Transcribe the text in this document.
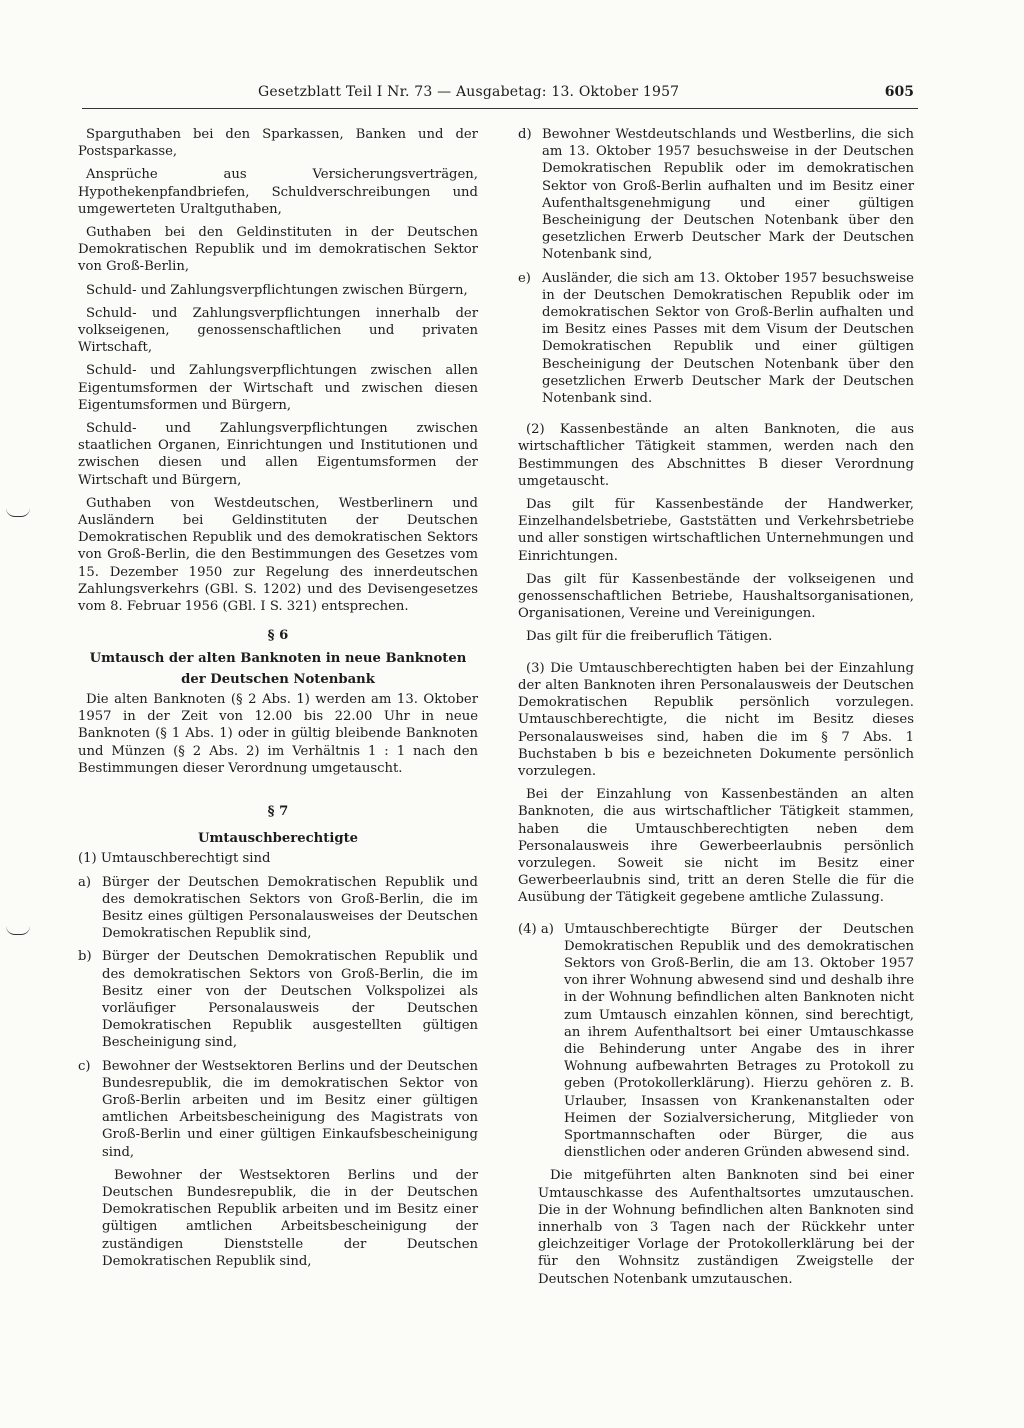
Gesetzblatt Teil I Nr. 73 — Ausgabetag: 13. Oktober 1957	605

Sparguthaben bei den Sparkassen, Banken und der Postsparkasse,

Ansprüche aus Versicherungsverträgen, Hypothekenpfandbriefen, Schuldverschreibungen und umgewerteten Uraltguthaben,

Guthaben bei den Geldinstituten in der Deutschen Demokratischen Republik und im demokratischen Sektor von Groß-Berlin,

Schuld- und Zahlungsverpflichtungen zwischen Bürgern,

Schuld- und Zahlungsverpflichtungen innerhalb der volkseigenen, genossenschaftlichen und privaten Wirtschaft,

Schuld- und Zahlungsverpflichtungen zwischen allen Eigentumsformen der Wirtschaft und zwischen diesen Eigentumsformen und Bürgern,

Schuld- und Zahlungsverpflichtungen zwischen staatlichen Organen, Einrichtungen und Institutionen und zwischen diesen und allen Eigentumsformen der Wirtschaft und Bürgern,

Guthaben von Westdeutschen, Westberlinern und Ausländern bei Geldinstituten der Deutschen Demokratischen Republik und des demokratischen Sektors von Groß-Berlin, die den Bestimmungen des Gesetzes vom 15. Dezember 1950 zur Regelung des innerdeutschen Zahlungsverkehrs (GBl. S. 1202) und des Devisengesetzes vom 8. Februar 1956 (GBl. I S. 321) entsprechen.

§ 6

Umtausch der alten Banknoten in neue Banknoten

der Deutschen Notenbank

Die alten Banknoten (§ 2 Abs. 1) werden am 13. Oktober 1957 in der Zeit von 12.00 bis 22.00 Uhr in neue Banknoten (§ 1 Abs. 1) oder in gültig bleibende Banknoten und Münzen (§ 2 Abs. 2) im Verhältnis 1 : 1 nach den Bestimmungen dieser Verordnung umgetauscht.

§ 7

Umtauschberechtigte

(1) Umtauschberechtigt sind

a) Bürger der Deutschen Demokratischen Republik und des demokratischen Sektors von Groß-Berlin, die im Besitz eines gültigen Personalausweises der Deutschen Demokratischen Republik sind,
b) Bürger der Deutschen Demokratischen Republik und des demokratischen Sektors von Groß-Berlin, die im Besitz einer von der Deutschen Volkspolizei als vorläufiger Personalausweis der Deutschen Demokratischen Republik ausgestellten gültigen Bescheinigung sind,
c) Bewohner der Westsektoren Berlins und der Deutschen Bundesrepublik, die im demokratischen Sektor von Groß-Berlin arbeiten und im Besitz einer gültigen amtlichen Arbeitsbescheinigung des Magistrats von Groß-Berlin und einer gültigen Einkaufsbescheinigung sind,

Bewohner der Westsektoren Berlins und der Deutschen Bundesrepublik, die in der Deutschen Demokratischen Republik arbeiten und im Besitz einer gültigen amtlichen Arbeitsbescheinigung der zuständigen Dienststelle der Deutschen Demokratischen Republik sind,

d) Bewohner Westdeutschlands und Westberlins, die sich am 13. Oktober 1957 besuchsweise in der Deutschen Demokratischen Republik oder im demokratischen Sektor von Groß-Berlin aufhalten und im Besitz einer Aufenthaltsgenehmigung und einer gültigen Bescheinigung der Deutschen Notenbank über den gesetzlichen Erwerb Deutscher Mark der Deutschen Notenbank sind,
e) Ausländer, die sich am 13. Oktober 1957 besuchsweise in der Deutschen Demokratischen Republik oder im demokratischen Sektor von Groß-Berlin aufhalten und im Besitz eines Passes mit dem Visum der Deutschen Demokratischen Republik und einer gültigen Bescheinigung der Deutschen Notenbank über den gesetzlichen Erwerb Deutscher Mark der Deutschen Notenbank sind.

(2) Kassenbestände an alten Banknoten, die aus wirtschaftlicher Tätigkeit stammen, werden nach den Bestimmungen des Abschnittes B dieser Verordnung umgetauscht.

Das gilt für Kassenbestände der Handwerker, Einzelhandelsbetriebe, Gaststätten und Verkehrsbetriebe und aller sonstigen wirtschaftlichen Unternehmungen und Einrichtungen.

Das gilt für Kassenbestände der volkseigenen und genossenschaftlichen Betriebe, Haushaltsorganisationen, Organisationen, Vereine und Vereinigungen.

Das gilt für die freiberuflich Tätigen.

(3) Die Umtauschberechtigten haben bei der Einzahlung der alten Banknoten ihren Personalausweis der Deutschen Demokratischen Republik persönlich vorzulegen. Umtauschberechtigte, die nicht im Besitz dieses Personalausweises sind, haben die im § 7 Abs. 1 Buchstaben b bis e bezeichneten Dokumente persönlich vorzulegen.

Bei der Einzahlung von Kassenbeständen an alten Banknoten, die aus wirtschaftlicher Tätigkeit stammen, haben die Umtauschberechtigten neben dem Personalausweis ihre Gewerbeerlaubnis persönlich vorzulegen. Soweit sie nicht im Besitz einer Gewerbeerlaubnis sind, tritt an deren Stelle die für die Ausübung der Tätigkeit gegebene amtliche Zulassung.

(4) a) Umtauschberechtigte Bürger der Deutschen Demokratischen Republik und des demokratischen Sektors von Groß-Berlin, die am 13. Oktober 1957 von ihrer Wohnung abwesend sind und deshalb ihre in der Wohnung befindlichen alten Banknoten nicht zum Umtausch einzahlen können, sind berechtigt, an ihrem Aufenthaltsort bei einer Umtauschkasse die Behinderung unter Angabe des in ihrer Wohnung aufbewahrten Betrages zu Protokoll zu geben (Protokollerklärung). Hierzu gehören z. B. Urlauber, Insassen von Krankenanstalten oder Heimen der Sozialversicherung, Mitglieder von Sportmannschaften oder Bürger, die aus dienstlichen oder anderen Gründen abwesend sind.

Die mitgeführten alten Banknoten sind bei einer Umtauschkasse des Aufenthaltsortes umzutauschen. Die in der Wohnung befindlichen alten Banknoten sind innerhalb von 3 Tagen nach der Rückkehr unter gleichzeitiger Vorlage der Protokollerklärung bei der für den Wohnsitz zuständigen Zweigstelle der Deutschen Notenbank umzutauschen.
